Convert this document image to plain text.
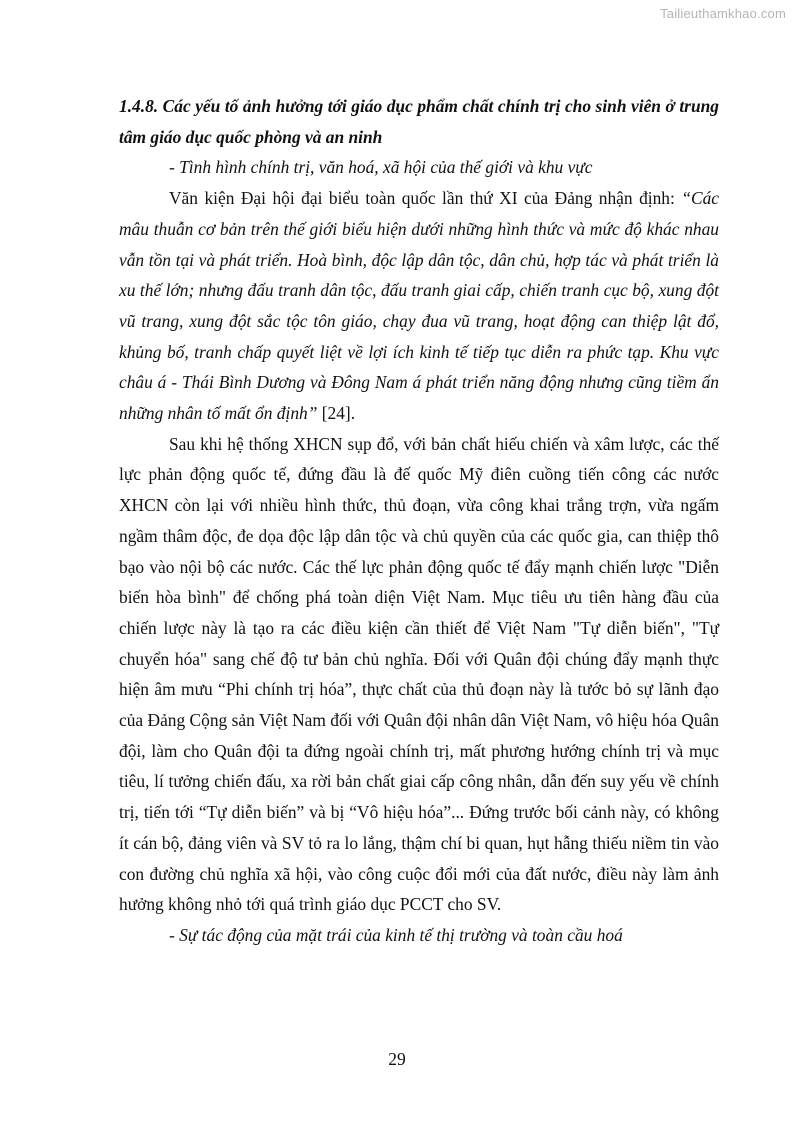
Tailieuthamkhao.com

1.4.8. Các yếu tố ảnh hưởng tới giáo dục phẩm chất chính trị cho sinh viên ở trung tâm giáo dục quốc phòng và an ninh

- Tình hình chính trị, văn hoá, xã hội của thế giới và khu vực

Văn kiện Đại hội đại biểu toàn quốc lần thứ XI của Đảng nhận định: “Các mâu thuẫn cơ bản trên thế giới biểu hiện dưới những hình thức và mức độ khác nhau vẫn tồn tại và phát triển. Hoà bình, độc lập dân tộc, dân chủ, hợp tác và phát triển là xu thế lớn; nhưng đấu tranh dân tộc, đấu tranh giai cấp, chiến tranh cục bộ, xung đột vũ trang, xung đột sắc tộc tôn giáo, chạy đua vũ trang, hoạt động can thiệp lật đổ, khủng bố, tranh chấp quyết liệt về lợi ích kinh tế tiếp tục diễn ra phức tạp. Khu vực châu á - Thái Bình Dương và Đông Nam á phát triển năng động nhưng cũng tiềm ẩn những nhân tố mất ổn định” [24].

Sau khi hệ thống XHCN sụp đổ, với bản chất hiếu chiến và xâm lược, các thế lực phản động quốc tế, đứng đầu là đế quốc Mỹ điên cuồng tiến công các nước XHCN còn lại với nhiều hình thức, thủ đoạn, vừa công khai trắng trợn, vừa ngấm ngầm thâm độc, đe dọa độc lập dân tộc và chủ quyền của các quốc gia, can thiệp thô bạo vào nội bộ các nước. Các thế lực phản động quốc tế đẩy mạnh chiến lược "Diễn biến hòa bình" để chống phá toàn diện Việt Nam. Mục tiêu ưu tiên hàng đầu của chiến lược này là tạo ra các điều kiện cần thiết để Việt Nam "Tự diễn biến", "Tự chuyển hóa" sang chế độ tư bản chủ nghĩa. Đối với Quân đội chúng đẩy mạnh thực hiện âm mưu “Phi chính trị hóa”, thực chất của thủ đoạn này là tước bỏ sự lãnh đạo của Đảng Cộng sản Việt Nam đối với Quân đội nhân dân Việt Nam, vô hiệu hóa Quân đội, làm cho Quân đội ta đứng ngoài chính trị, mất phương hướng chính trị và mục tiêu, lí tưởng chiến đấu, xa rời bản chất giai cấp công nhân, dẫn đến suy yếu về chính trị, tiến tới “Tự diễn biến” và bị “Vô hiệu hóa”... Đứng trước bối cảnh này, có không ít cán bộ, đảng viên và SV tỏ ra lo lắng, thậm chí bi quan, hụt hẫng thiếu niềm tin vào con đường chủ nghĩa xã hội, vào công cuộc đổi mới của đất nước, điều này làm ảnh hưởng không nhỏ tới quá trình giáo dục PCCT cho SV.

- Sự tác động của mặt trái của kinh tế thị trường và toàn cầu hoá

29
